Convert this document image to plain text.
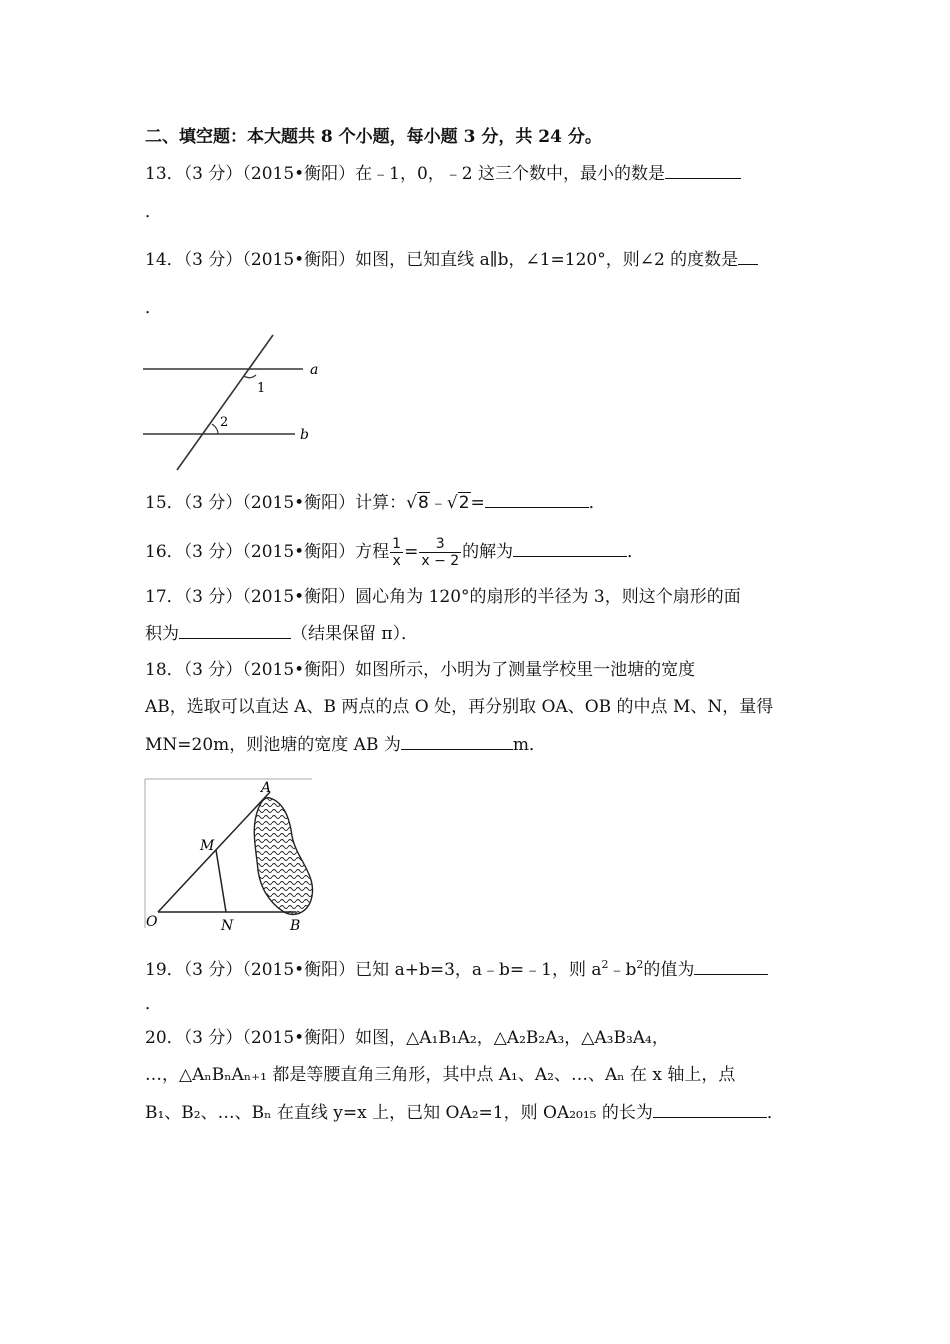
二、填空题：本大题共 8 个小题，每小题 3 分，共 24 分。
13．（3 分）（2015•衡阳）在﹣1，0，﹣2 这三个数中，最小的数是
．
14．（3 分）（2015•衡阳）如图，已知直线 a∥b，∠1=120°，则∠2 的度数是
．
a
b
1
2
15．（3 分）（2015•衡阳）计算：√8﹣√2=	．
16．（3 分）（2015•衡阳）方程 $\frac{1}{x} = \frac{3}{x - 2}$ 的解为	．
17．（3 分）（2015•衡阳）圆心角为 120°的扇形的半径为 3，则这个扇形的面
积为	（结果保留 π）．
18．（3 分）（2015•衡阳）如图所示，小明为了测量学校里一池塘的宽度
AB，选取可以直达 A、B 两点的点 O 处，再分别取 OA、OB 的中点 M、N，量得
MN=20m，则池塘的宽度 AB 为	m．
A
M
O	N	B
19．（3 分）（2015•衡阳）已知 a+b=3，a﹣b=﹣1，则 $a^2﹣b^2$的值为
．
20．（3 分）（2015•衡阳）如图，△A₁B₁A₂，△A₂B₂A₃，△A₃B₃A₄，
…，△AₙBₙAₙ₊₁ 都是等腰直角三角形，其中点 A₁、A₂、…、Aₙ 在 x 轴上，点
B₁、B₂、…、Bₙ 在直线 y=x 上，已知 OA₂=1，则 OA₂₀₁₅ 的长为	．
